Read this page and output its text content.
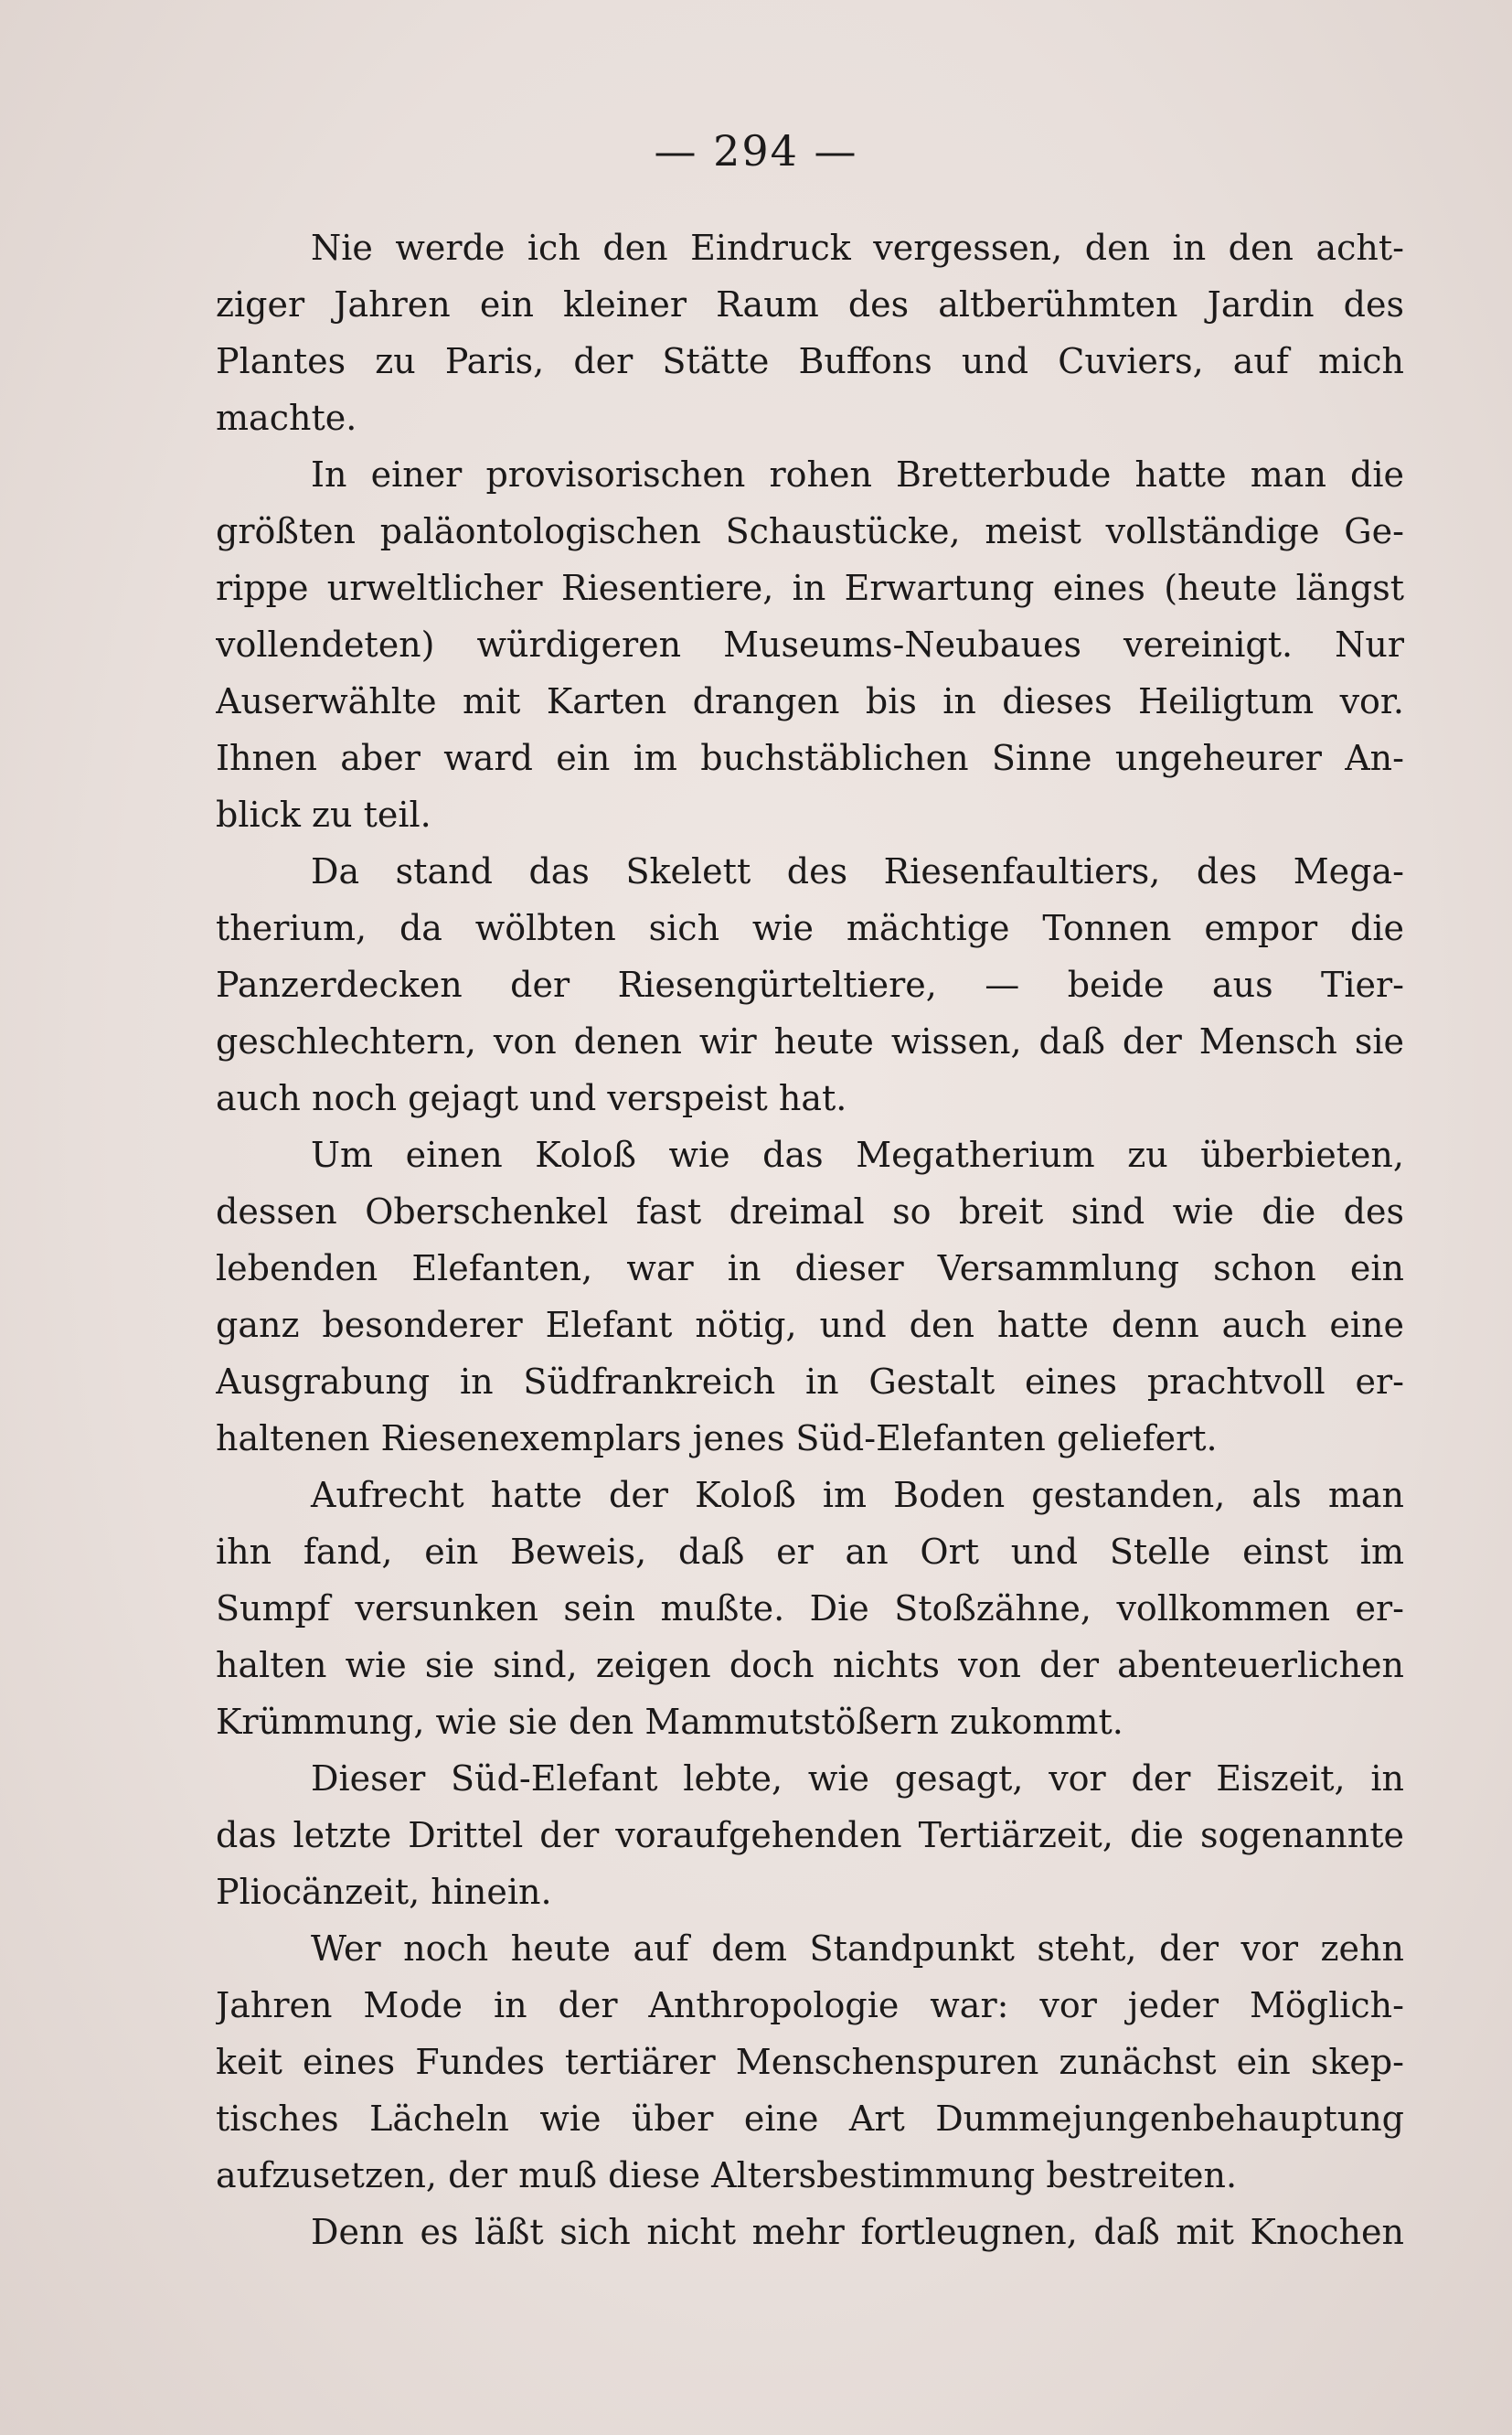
— 294 —

Nie werde ich den Eindruck vergessen, den in den acht-
ziger Jahren ein kleiner Raum des altberühmten Jardin des
Plantes zu Paris, der Stätte Buffons und Cuviers, auf mich
machte.

In einer provisorischen rohen Bretterbude hatte man die
größten paläontologischen Schaustücke, meist vollständige Ge-
rippe urweltlicher Riesentiere, in Erwartung eines (heute längst
vollendeten) würdigeren Museums-Neubaues vereinigt. Nur
Auserwählte mit Karten drangen bis in dieses Heiligtum vor.
Ihnen aber ward ein im buchstäblichen Sinne ungeheurer An-
blick zu teil.

Da stand das Skelett des Riesenfaultiers, des Mega-
therium, da wölbten sich wie mächtige Tonnen empor die
Panzerdecken der Riesengürteltiere, — beide aus Tier-
geschlechtern, von denen wir heute wissen, daß der Mensch sie
auch noch gejagt und verspeist hat.

Um einen Koloß wie das Megatherium zu überbieten,
dessen Oberschenkel fast dreimal so breit sind wie die des
lebenden Elefanten, war in dieser Versammlung schon ein
ganz besonderer Elefant nötig, und den hatte denn auch eine
Ausgrabung in Südfrankreich in Gestalt eines prachtvoll er-
haltenen Riesenexemplars jenes Süd-Elefanten geliefert.

Aufrecht hatte der Koloß im Boden gestanden, als man
ihn fand, ein Beweis, daß er an Ort und Stelle einst im
Sumpf versunken sein mußte. Die Stoßzähne, vollkommen er-
halten wie sie sind, zeigen doch nichts von der abenteuerlichen
Krümmung, wie sie den Mammutstößern zukommt.

Dieser Süd-Elefant lebte, wie gesagt, vor der Eiszeit, in
das letzte Drittel der voraufgehenden Tertiärzeit, die sogenannte
Pliocänzeit, hinein.

Wer noch heute auf dem Standpunkt steht, der vor zehn
Jahren Mode in der Anthropologie war: vor jeder Möglich-
keit eines Fundes tertiärer Menschenspuren zunächst ein skep-
tisches Lächeln wie über eine Art Dummejungenbehauptung
aufzusetzen, der muß diese Altersbestimmung bestreiten.

Denn es läßt sich nicht mehr fortleugnen, daß mit Knochen
